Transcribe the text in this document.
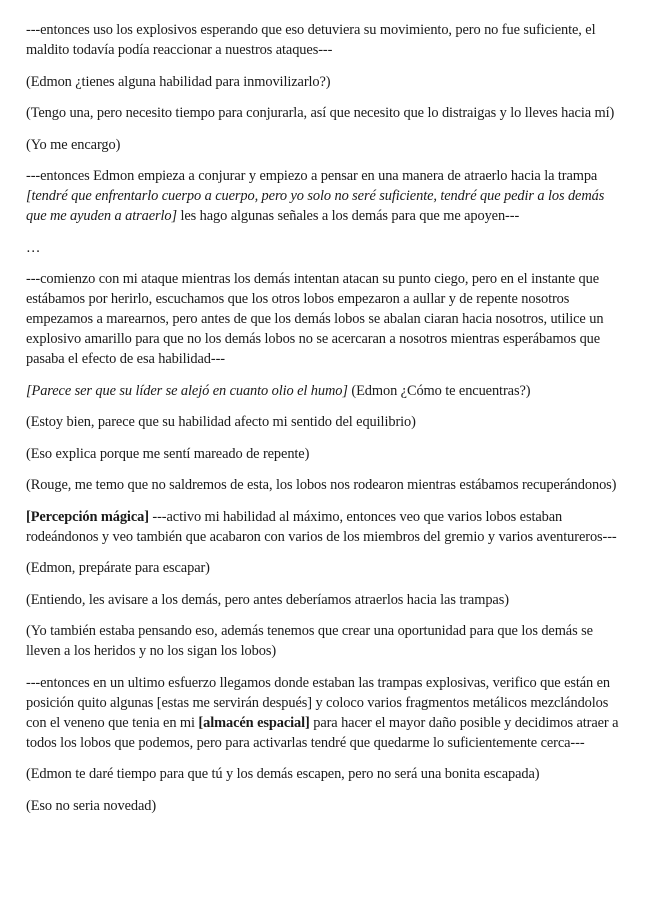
---entonces uso los explosivos esperando que eso detuviera su movimiento, pero no fue suficiente, el maldito todavía podía reaccionar a nuestros ataques---

(Edmon ¿tienes alguna habilidad para inmovilizarlo?)

(Tengo una, pero necesito tiempo para conjurarla, así que necesito que lo distraigas y lo lleves hacia mí)

(Yo me encargo)

---entonces Edmon empieza a conjurar y empiezo a pensar en una manera de atraerlo hacia la trampa [tendré que enfrentarlo cuerpo a cuerpo, pero yo solo no seré suficiente, tendré que pedir a los demás que me ayuden a atraerlo] les hago algunas señales a los demás para que me apoyen---

…

---comienzo con mi ataque mientras los demás intentan atacan su punto ciego, pero en el instante que estábamos por herirlo, escuchamos que los otros lobos empezaron a aullar y de repente nosotros empezamos a marearnos, pero antes de que los demás lobos se abalan ciaran hacia nosotros, utilice un explosivo amarillo para que no los demás lobos no se acercaran a nosotros mientras esperábamos que pasaba el efecto de esa habilidad---

[Parece ser que su líder se alejó en cuanto olio el humo] (Edmon ¿Cómo te encuentras?)

(Estoy bien, parece que su habilidad afecto mi sentido del equilibrio)

(Eso explica porque me sentí mareado de repente)

(Rouge, me temo que no saldremos de esta, los lobos nos rodearon mientras estábamos recuperándonos)

[Percepción mágica] ---activo mi habilidad al máximo, entonces veo que varios lobos estaban rodeándonos y veo también que acabaron con varios de los miembros del gremio y varios aventureros---

(Edmon, prepárate para escapar)

(Entiendo, les avisare a los demás, pero antes deberíamos atraerlos hacia las trampas)

(Yo también estaba pensando eso, además tenemos que crear una oportunidad para que los demás se lleven a los heridos y no los sigan los lobos)

---entonces en un ultimo esfuerzo llegamos donde estaban las trampas explosivas, verifico que están en posición quito algunas [estas me servirán después] y coloco varios fragmentos metálicos mezclándolos con el veneno que tenia en mi [almacén espacial] para hacer el mayor daño posible y decidimos atraer a todos los lobos que podemos, pero para activarlas tendré que quedarme lo suficientemente cerca---

(Edmon te daré tiempo para que tú y los demás escapen, pero no será una bonita escapada)

(Eso no seria novedad)
